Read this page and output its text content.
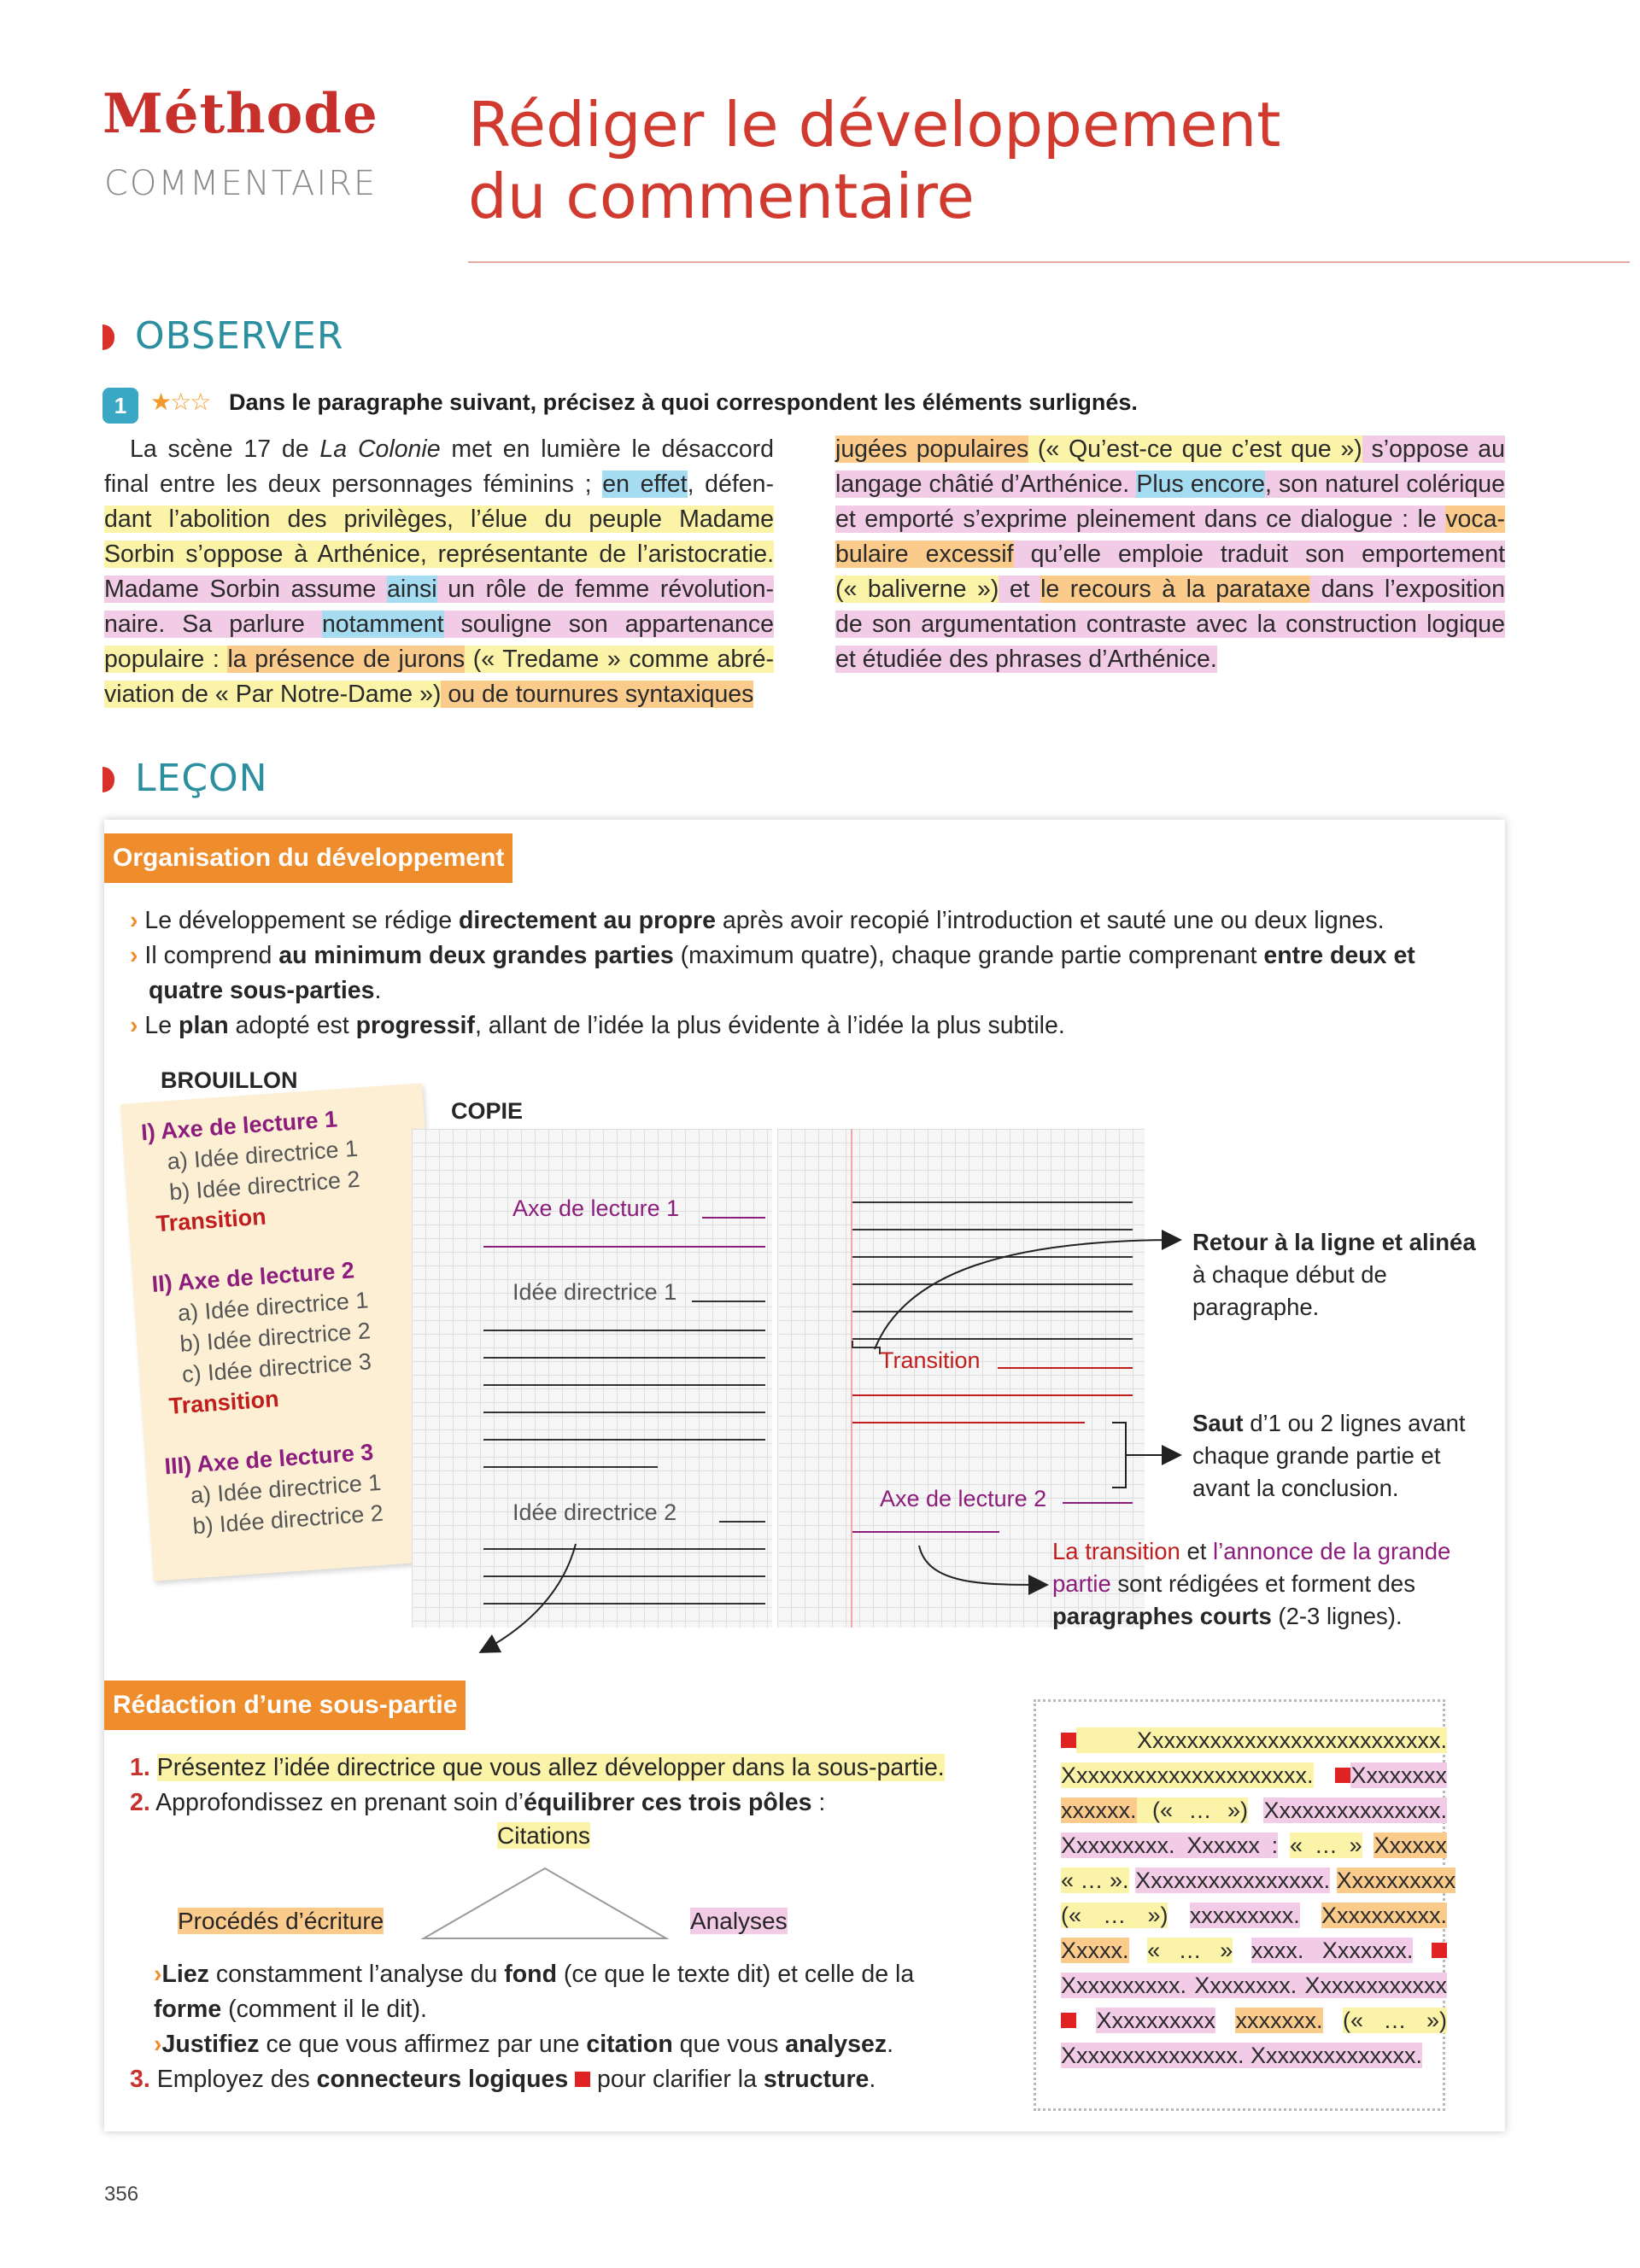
Méthode
COMMENTAIRE
Rédiger le développement
du commentaire
OBSERVER
1 ★☆☆ Dans le paragraphe suivant, précisez à quoi correspondent les éléments surlignés.
La scène 17 de La Colonie met en lumière le désaccord
final entre les deux personnages féminins ; en effet, défen-
dant l’abolition des privilèges, l’élue du peuple Madame
Sorbin s’oppose à Arthénice, représentante de l’aristocratie.
Madame Sorbin assume ainsi un rôle de femme révolution-
naire. Sa parlure notamment souligne son appartenance
populaire : la présence de jurons (« Tredame » comme abré-
viation de « Par Notre-Dame ») ou de tournures syntaxiques
jugées populaires (« Qu’est-ce que c’est que ») s’oppose au
langage châtié d’Arthénice. Plus encore, son naturel colérique
et emporté s’exprime pleinement dans ce dialogue : le voca-
bulaire excessif qu’elle emploie traduit son emportement
(« baliverne ») et le recours à la parataxe dans l’exposition
de son argumentation contraste avec la construction logique
et étudiée des phrases d’Arthénice.
LEÇON
Organisation du développement
› Le développement se rédige directement au propre après avoir recopié l’introduction et sauté une ou deux lignes.
› Il comprend au minimum deux grandes parties (maximum quatre), chaque grande partie comprenant entre deux et
quatre sous-parties.
› Le plan adopté est progressif, allant de l’idée la plus évidente à l’idée la plus subtile.
BROUILLON
I) Axe de lecture 1
a) Idée directrice 1
b) Idée directrice 2
Transition
II) Axe de lecture 2
a) Idée directrice 1
b) Idée directrice 2
c) Idée directrice 3
Transition
III) Axe de lecture 3
a) Idée directrice 1
b) Idée directrice 2
COPIE
Axe de lecture 1
Idée directrice 1
Idée directrice 2
Transition
Axe de lecture 2
Retour à la ligne et alinéa
à chaque début de
paragraphe.
Saut d’1 ou 2 lignes avant
chaque grande partie et
avant la conclusion.
La transition et l’annonce de la grande
partie sont rédigées et forment des
paragraphes courts (2-3 lignes).
Rédaction d’une sous-partie
1. Présentez l’idée directrice que vous allez développer dans la sous-partie.
2. Approfondissez en prenant soin d’équilibrer ces trois pôles :
Citations
Procédés d’écriture	Analyses
›Liez constamment l’analyse du fond (ce que le texte dit) et celle de la
forme (comment il le dit).
›Justifiez ce que vous affirmez par une citation que vous analysez.
3. Employez des connecteurs logiques  pour clarifier la structure.
Xxxxxxxxxxxxxxxxxxxxxxxxxx.
Xxxxxxxxxxxxxxxxxxxxx. Xxxxxxxx
xxxxxx. (« … ») Xxxxxxxxxxxxxxx.
Xxxxxxxxx. Xxxxxx : « … » Xxxxxx
« … ». Xxxxxxxxxxxxxxxx. Xxxxxxxxxx
(« … ») xxxxxxxxx. Xxxxxxxxxx.
Xxxxx. « … » xxxx. Xxxxxxx.
Xxxxxxxxxx. Xxxxxxxx. Xxxxxxxxxxxx
Xxxxxxxxxx xxxxxxx. (« … »)
Xxxxxxxxxxxxxxx. Xxxxxxxxxxxxxx.
356
